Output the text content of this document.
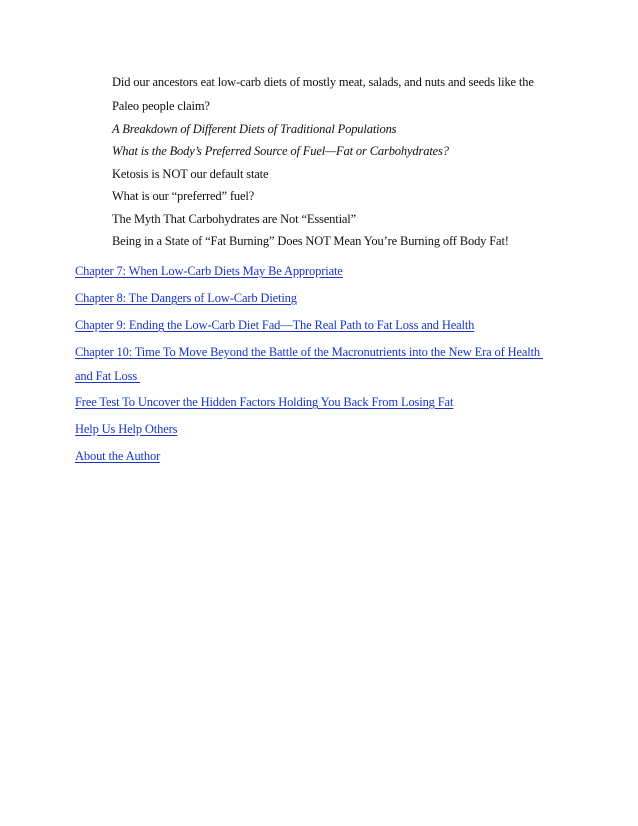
Did our ancestors eat low-carb diets of mostly meat, salads, and nuts and seeds like the
Paleo people claim?
A Breakdown of Different Diets of Traditional Populations
What is the Body’s Preferred Source of Fuel—Fat or Carbohydrates?
Ketosis is NOT our default state
What is our “preferred” fuel?
The Myth That Carbohydrates are Not “Essential”
Being in a State of “Fat Burning” Does NOT Mean You’re Burning off Body Fat!
Chapter 7: When Low-Carb Diets May Be Appropriate
Chapter 8: The Dangers of Low-Carb Dieting
Chapter 9: Ending the Low-Carb Diet Fad—The Real Path to Fat Loss and Health
Chapter 10: Time To Move Beyond the Battle of the Macronutrients into the New Era of Health
and Fat Loss
Free Test To Uncover the Hidden Factors Holding You Back From Losing Fat
Help Us Help Others
About the Author
